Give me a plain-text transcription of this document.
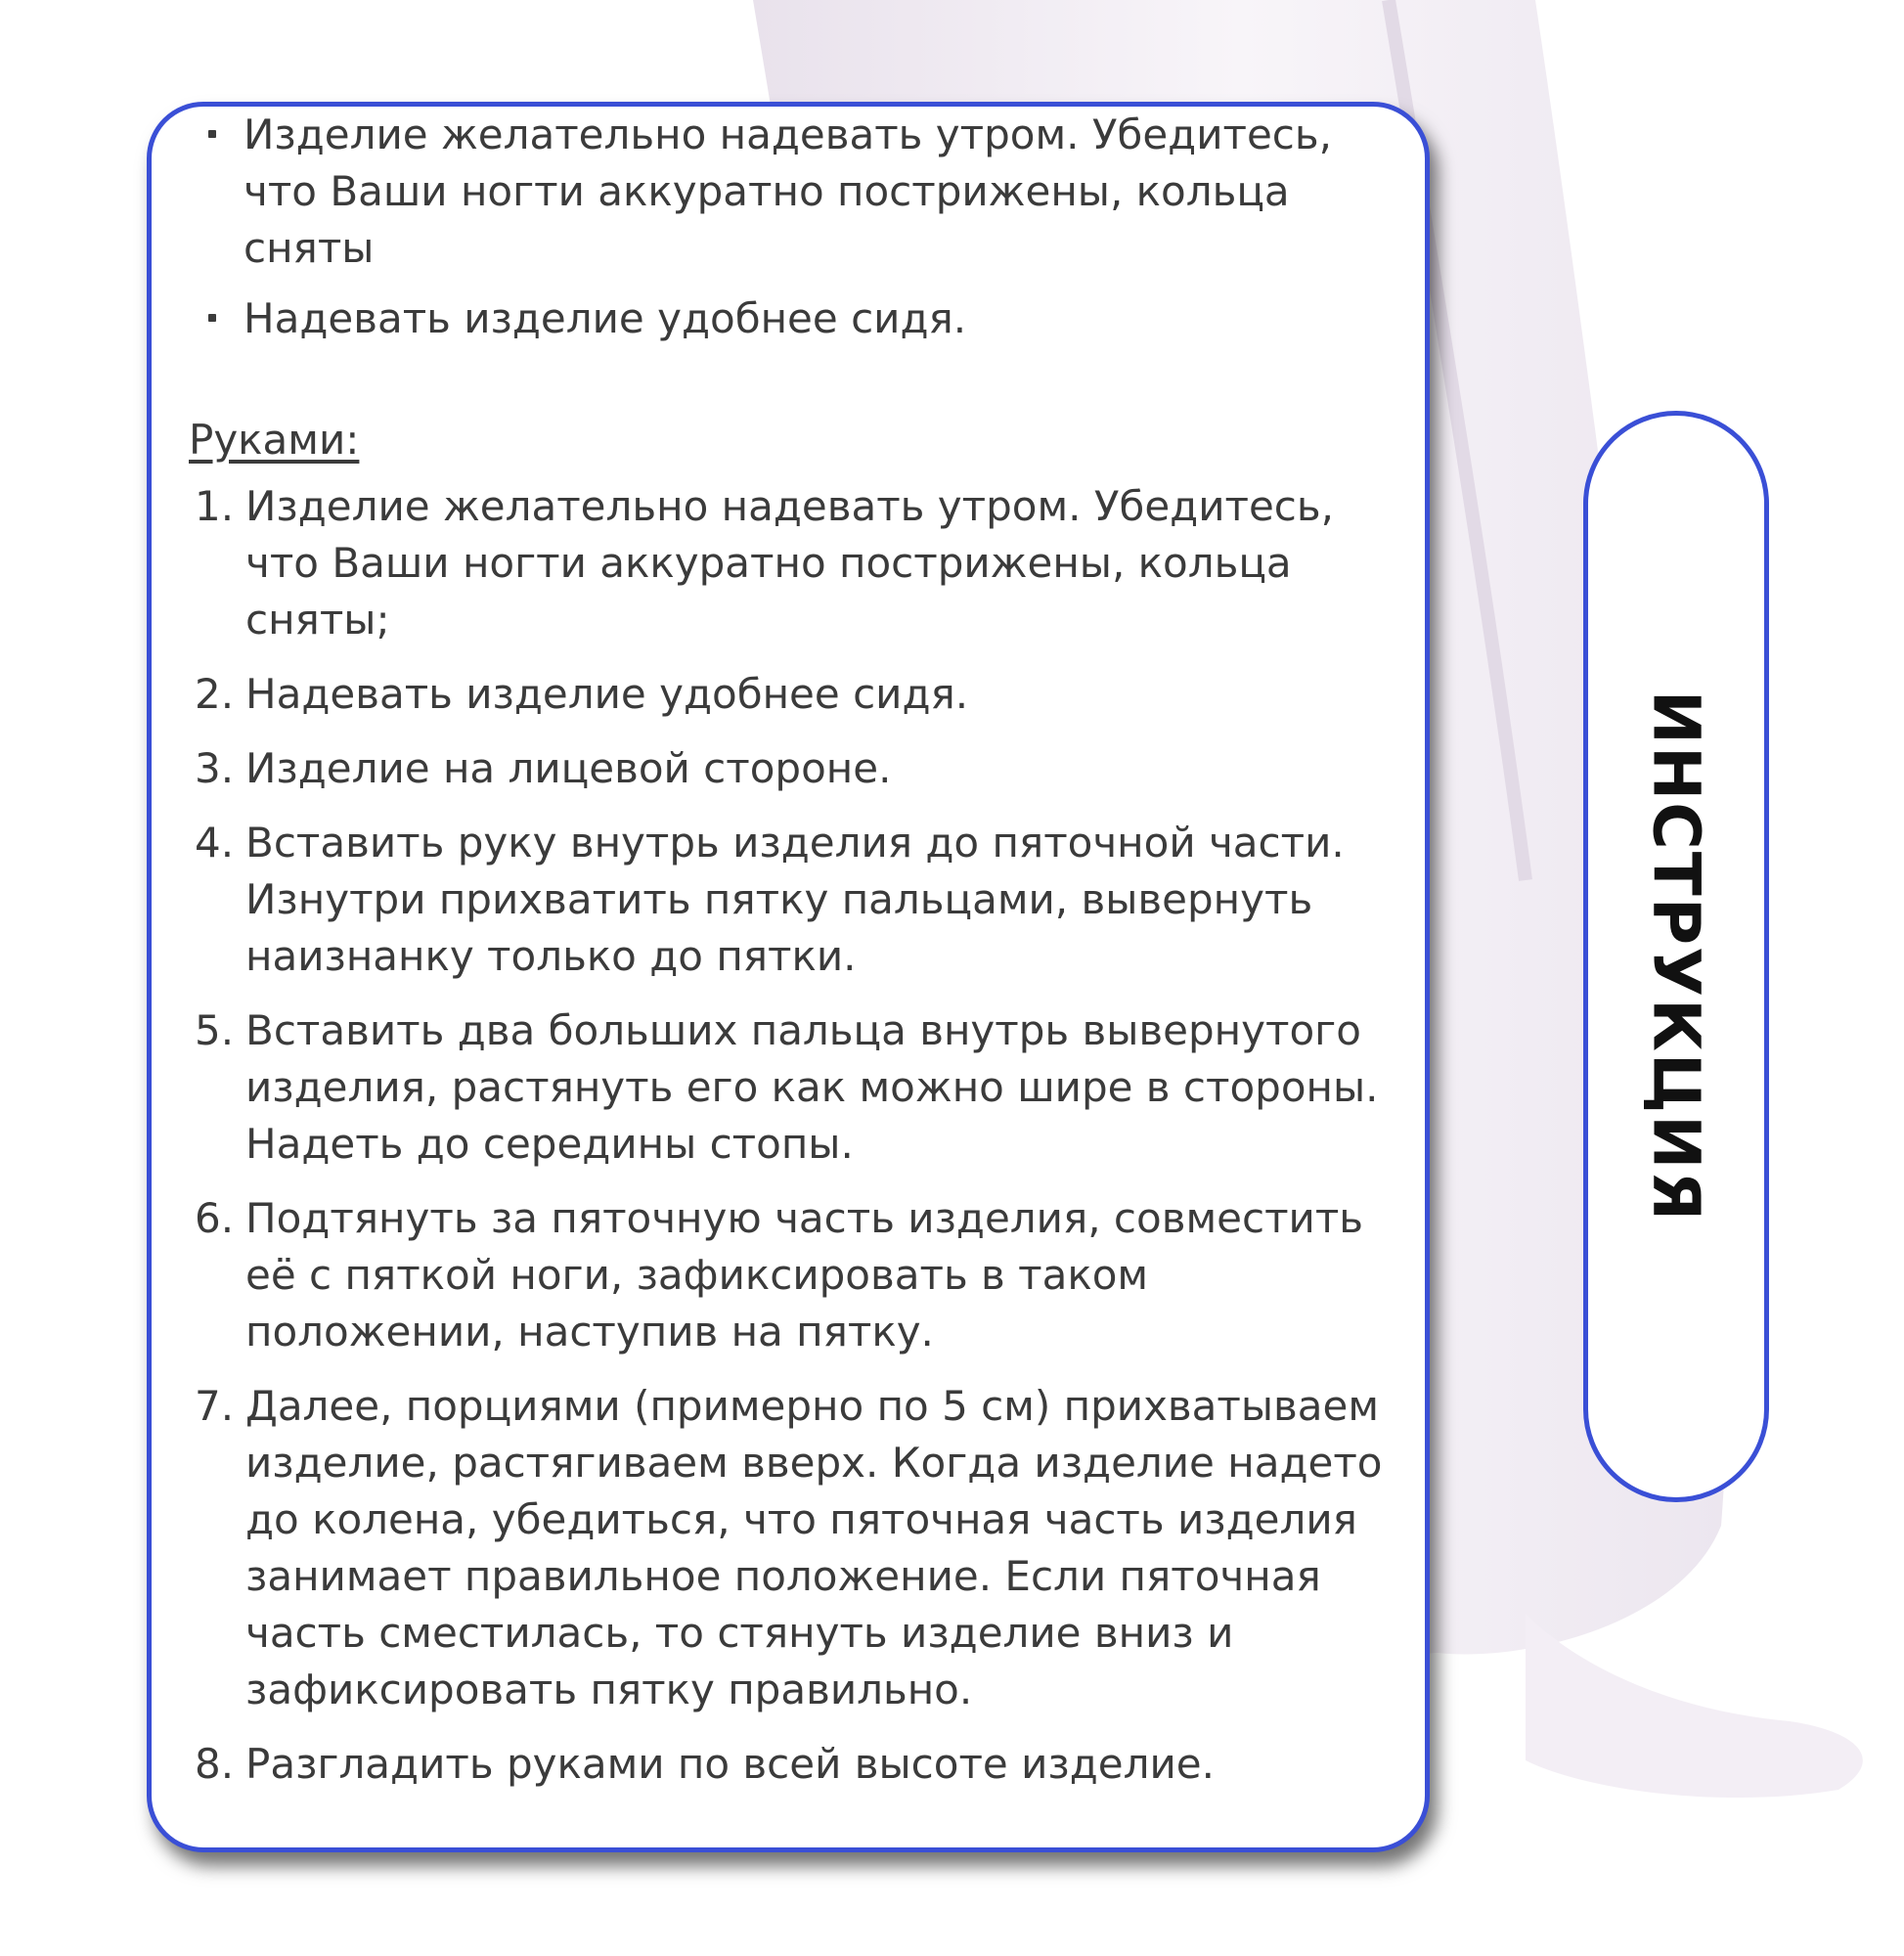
Изделие желательно надевать утром. Убедитесь, что Ваши ногти аккуратно пострижены, кольца сняты
Надевать изделие удобнее сидя.
Руками:
1. Изделие желательно надевать утром. Убедитесь, что Ваши ногти аккуратно пострижены, кольца сняты;
2. Надевать изделие удобнее сидя.
3. Изделие на лицевой стороне.
4. Вставить руку внутрь изделия до пяточной части. Изнутри прихватить пятку пальцами, вывернуть наизнанку только до пятки.
5. Вставить два больших пальца внутрь вывернутого изделия, растянуть его как можно шире в стороны. Надеть до середины стопы.
6. Подтянуть за пяточную часть изделия, совместить её с пяткой ноги, зафиксировать в таком положении, наступив на пятку.
7. Далее, порциями (примерно по 5 см) прихватываем изделие, растягиваем вверх. Когда изделие надето до колена, убедиться, что пяточная часть изделия занимает правильное положение. Если пяточная часть сместилась, то стянуть изделие вниз и зафиксировать пятку правильно.
8. Разгладить руками по всей высоте изделие.
ИНСТРУКЦИЯ
